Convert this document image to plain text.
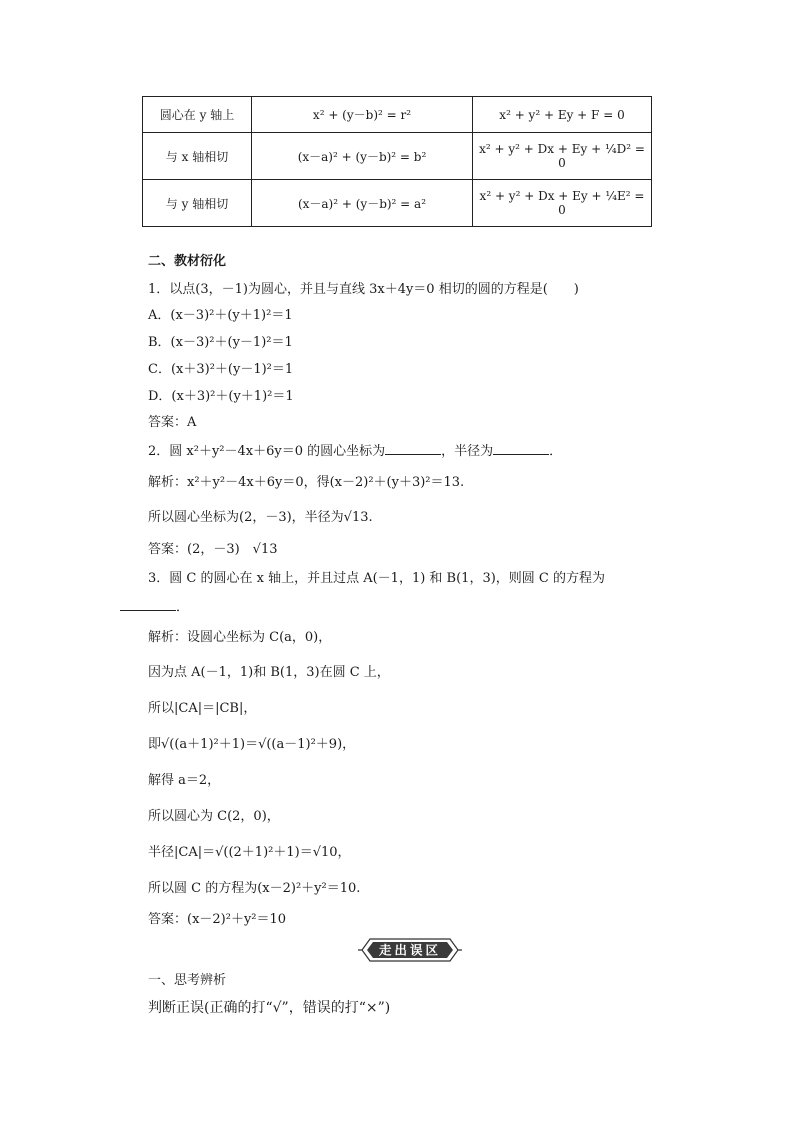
圆心在 y 轴上	x² + (y－b)² = r²	x² + y² + Ey + F = 0
与 x 轴相切	(x－a)² + (y－b)² = b²	x² + y² + Dx + Ey + ¼D² = 0
与 y 轴相切	(x－a)² + (y－b)² = a²	x² + y² + Dx + Ey + ¼E² = 0
二、教材衍化
1．以点(3，－1)为圆心，并且与直线 3x＋4y＝0 相切的圆的方程是(　　)
A．(x－3)²＋(y＋1)²＝1
B．(x－3)²＋(y－1)²＝1
C．(x＋3)²＋(y－1)²＝1
D．(x＋3)²＋(y＋1)²＝1
答案：A
2．圆 x²＋y²－4x＋6y＝0 的圆心坐标为	，半径为	．
解析：x²＋y²－4x＋6y＝0，得(x－2)²＋(y＋3)²＝13.
所以圆心坐标为(2，－3)，半径为√13.
答案：(2，－3)　√13
3．圆 C 的圆心在 x 轴上，并且过点 A(－1，1) 和 B(1，3)，则圆 C 的方程为
．
解析：设圆心坐标为 C(a，0)，
因为点 A(－1，1)和 B(1，3)在圆 C 上，
所以|CA|＝|CB|，
即√((a＋1)²＋1)＝√((a－1)²＋9)，
解得 a＝2，
所以圆心为 C(2，0)，
半径|CA|＝√((2＋1)²＋1)＝√10，
所以圆 C 的方程为(x－2)²＋y²＝10.
答案：(x－2)²＋y²＝10
走出误区
一、思考辨析
判断正误(正确的打“√”，错误的打“×”)
